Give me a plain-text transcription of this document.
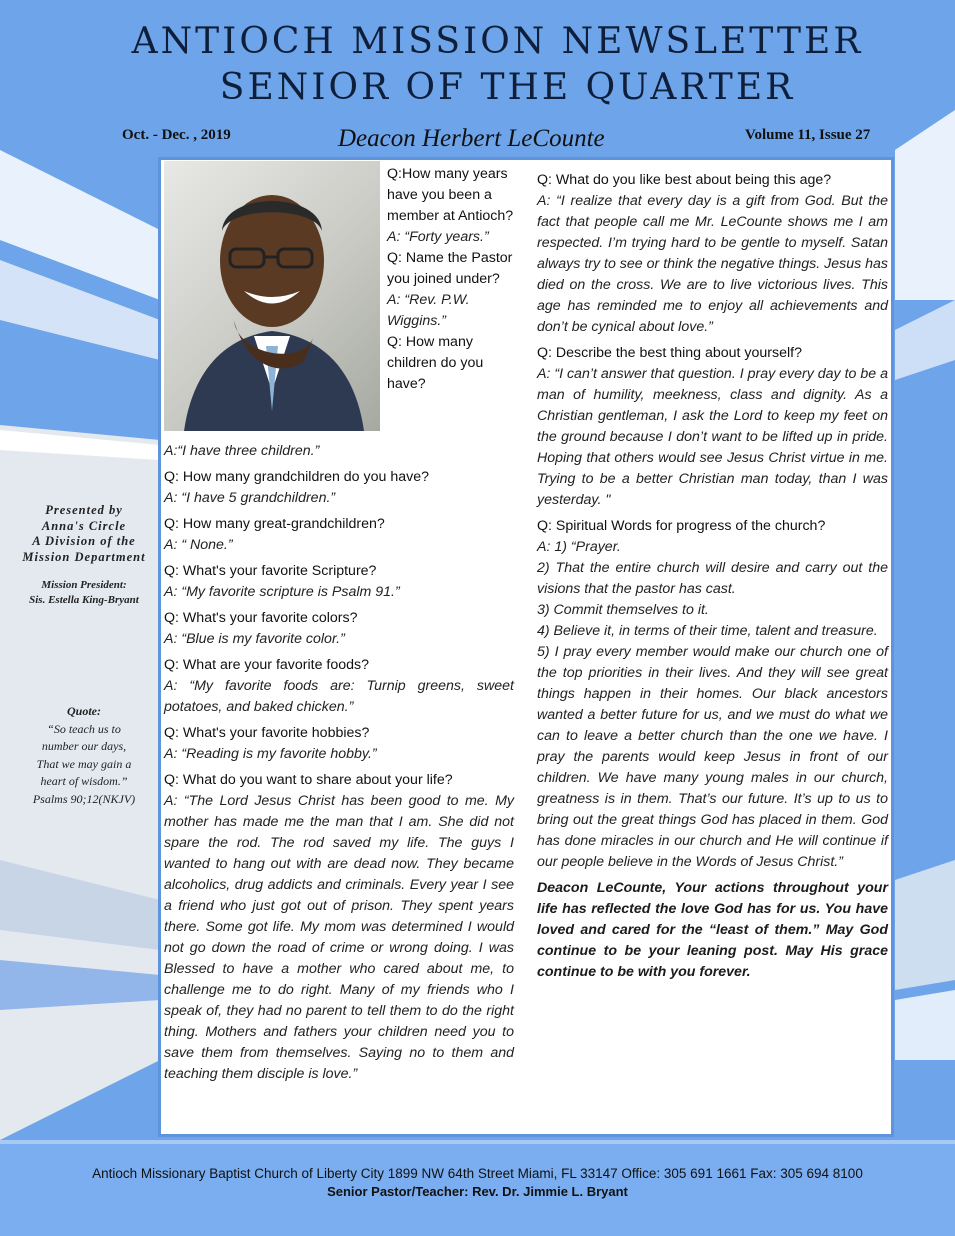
ANTIOCH MISSION NEWSLETTER
SENIOR OF THE QUARTER
Oct. - Dec. , 2019	Deacon Herbert LeCounte	Volume 11, Issue 27
Presented by
Anna's Circle
A Division of the
Mission Department
Mission President:
Sis. Estella King-Bryant
Quote:
“So teach us to
number our days,
That we may gain a
heart of wisdom.”
Psalms 90;12(NKJV)

Q:How many years have you been a member at Antioch?

A: “Forty years.”

Q: Name the Pastor you joined under?

A: “Rev. P.W. Wiggins.”

Q: How many children do you have?

A:“I have three children.”

Q: How many grandchildren do you have?

A: “I have 5 grandchildren.”

Q: How many great-grandchildren?

A: “ None.”

Q: What's your favorite Scripture?

A: “My favorite scripture is Psalm 91.”

Q: What's your favorite colors?

A: “Blue is my favorite color.”

Q: What are your favorite foods?

A: “My favorite foods are: Turnip greens, sweet potatoes, and baked chicken.”

Q: What's your favorite hobbies?

A: “Reading is my favorite hobby.”

Q: What do you want to share about your life?

A: “The Lord Jesus Christ has been good to me. My mother has made me the man that I am. She did not spare the rod. The rod saved my life. The guys I wanted to hang out with are dead now. They became alcoholics, drug addicts and criminals. Every year I see a friend who just got out of prison. They spent years there. Some got life. My mom was determined I would not go down the road of crime or wrong doing. I was Blessed to have a mother who cared about me, to challenge me to do right. Many of my friends who I speak of, they had no parent to tell them to do the right thing. Mothers and fathers your children need you to save them from themselves. Saying no to them and teaching them disciple is love.”

Q: What do you like best about being this age?

A: “I realize that every day is a gift from God. But the fact that people call me Mr. LeCounte shows me I am respected. I’m trying hard to be gentle to myself. Satan always try to see or think the negative things. Jesus has died on the cross. We are to live victorious lives. This age has reminded me to enjoy all achievements and don’t be cynical about love.”

Q: Describe the best thing about yourself?

A: “I can’t answer that question. I pray every day to be a man of humility, meekness, class and dignity. As a Christian gentleman, I ask the Lord to keep my feet on the ground because I don’t want to be lifted up in pride. Hoping that others would see Jesus Christ virtue in me. Trying to be a better Christian man today, than I was yesterday. "

Q: Spiritual Words for progress of the church?

A: 1) “Prayer.

2) That the entire church will desire and carry out the visions that the pastor has cast.

3) Commit themselves to it.

4) Believe it, in terms of their time, talent and treasure.

5) I pray every member would make our church one of the top priorities in their lives. And they will see great things happen in their homes. Our black ancestors wanted a better future for us, and we must do what we can to leave a better church than the one we have. I pray the parents would keep Jesus in front of our children. We have many young males in our church, greatness is in them. That’s our future. It’s up to us to bring out the great things God has placed in them. God has done miracles in our church and He will continue if our people believe in the Words of Jesus Christ.”

Deacon LeCounte, Your actions throughout your life has reflected the love God has for us. You have loved and cared for the “least of them.” May God continue to be your leaning post. May His grace continue to be with you forever.

Antioch Missionary Baptist Church of Liberty City 1899 NW 64th Street Miami, FL 33147 Office: 305 691 1661 Fax: 305 694 8100
Senior Pastor/Teacher: Rev. Dr. Jimmie L. Bryant
